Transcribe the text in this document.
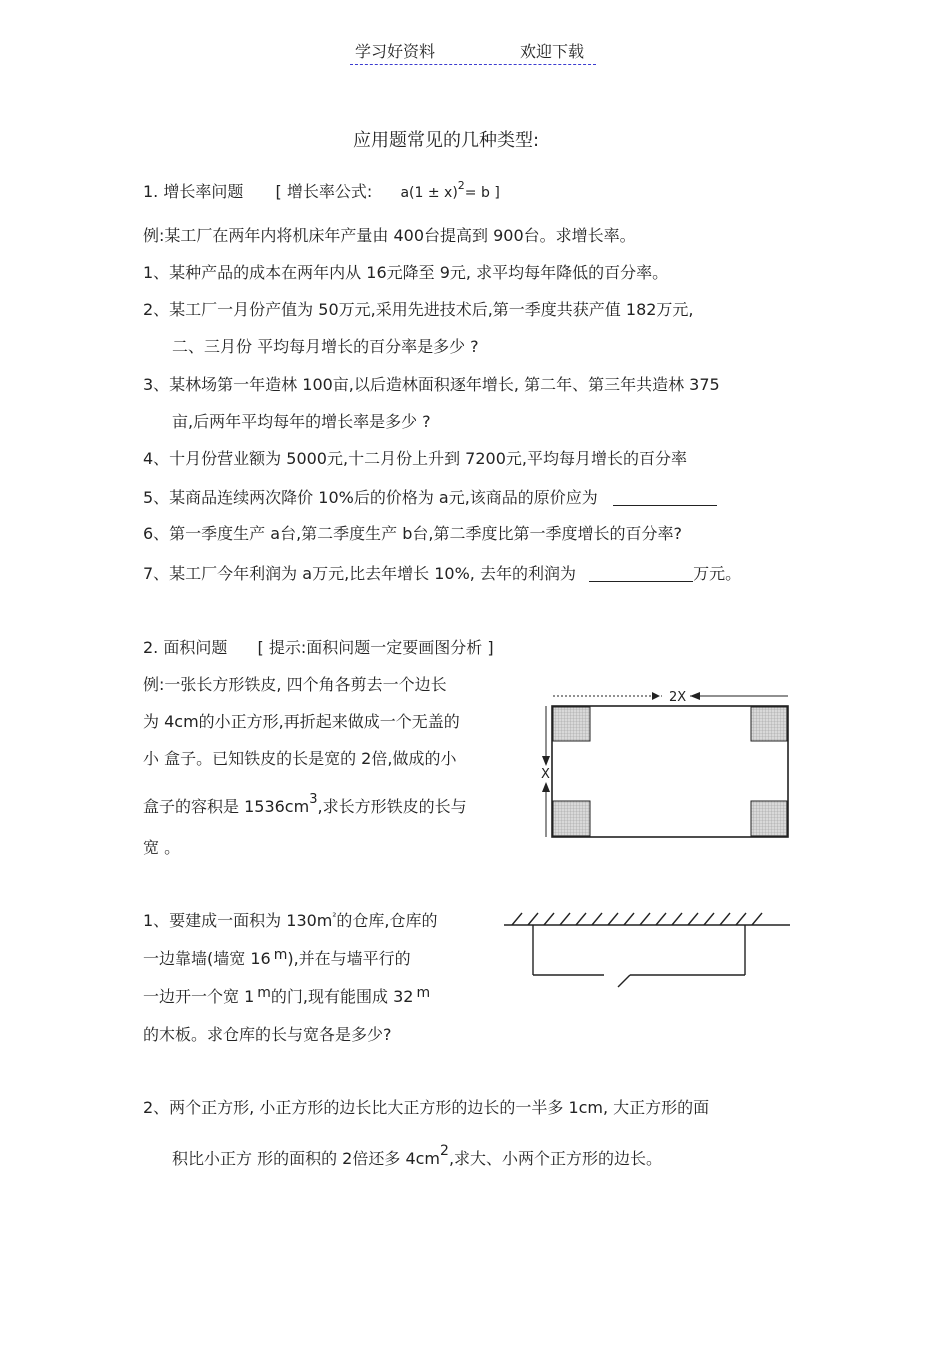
学习好资料	欢迎下载
应用题常见的几种类型:
1. 增长率问题 [ 增长率公式: $a(1 \pm x)^2= b$ ]
例:某工厂在两年内将机床年产量由 400台提高到 900台。求增长率。
1、某种产品的成本在两年内从 16元降至 9元, 求平均每年降低的百分率。
2、某工厂一月份产值为 50万元,采用先进技术后,第一季度共获产值 182万元,
二、三月份 平均每月增长的百分率是多少 ?
3、某林场第一年造林 100亩,以后造林面积逐年增长, 第二年、第三年共造林 375
亩,后两年平均每年的增长率是多少 ?
4、十月份营业额为 5000元,十二月份上升到 7200元,平均每月增长的百分率
5、某商品连续两次降价 10%后的价格为 a元,该商品的原价应为
6、第一季度生产 a台,第二季度生产 b台,第二季度比第一季度增长的百分率?
7、某工厂今年利润为 a万元,比去年增长 10%, 去年的利润为	万元。
2. 面积问题 [ 提示:面积问题一定要画图分析 ]
例:一张长方形铁皮, 四个角各剪去一个边长
为 4cm的小正方形,再折起来做成一个无盖的
小 盒子。已知铁皮的长是宽的 2倍,做成的小
盒子的容积是 $1536cm^3$,求长方形铁皮的长与
宽 。
2X
X
1、要建成一面积为 $130m^{^2}$的仓库,仓库的
一边靠墙(墙宽 16 m),并在与墙平行的
一边开一个宽 1 m的门,现有能围成 32 m
的木板。求仓库的长与宽各是多少?
2、两个正方形, 小正方形的边长比大正方形的边长的一半多 1cm, 大正方形的面
积比小正方 形的面积的 2倍还多 4cm2,求大、小两个正方形的边长。
